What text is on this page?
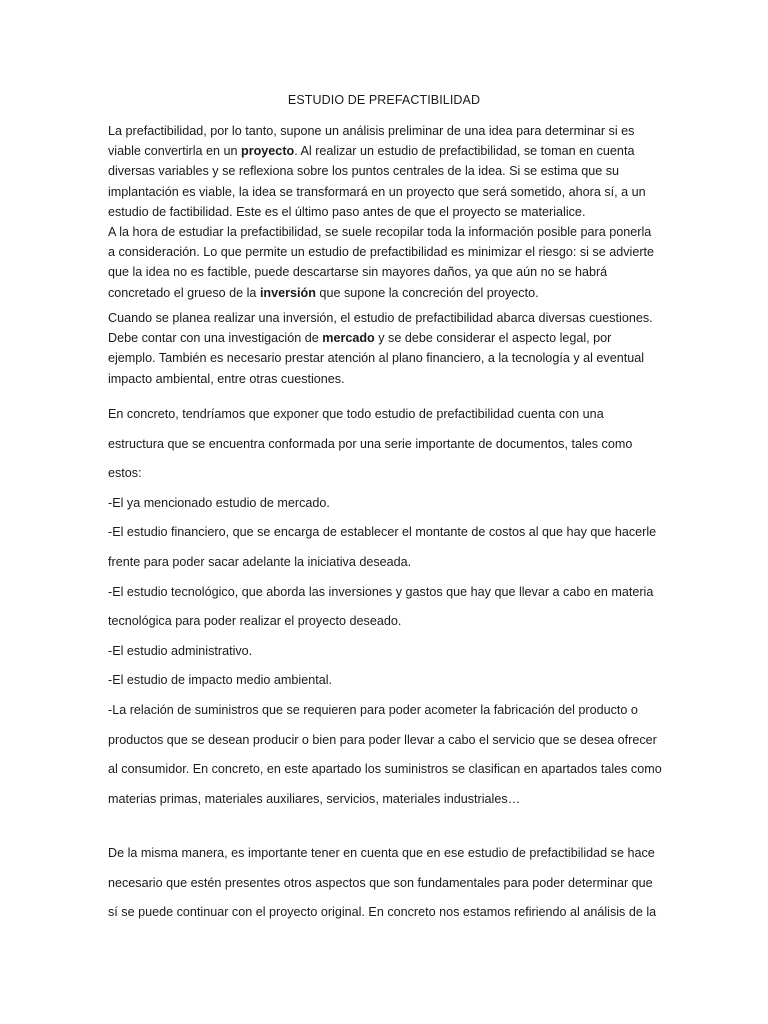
ESTUDIO DE PREFACTIBILIDAD

La prefactibilidad, por lo tanto, supone un análisis preliminar de una idea para determinar si es viable convertirla en un proyecto. Al realizar un estudio de prefactibilidad, se toman en cuenta diversas variables y se reflexiona sobre los puntos centrales de la idea. Si se estima que su implantación es viable, la idea se transformará en un proyecto que será sometido, ahora sí, a un estudio de factibilidad. Este es el último paso antes de que el proyecto se materialice.

A la hora de estudiar la prefactibilidad, se suele recopilar toda la información posible para ponerla a consideración. Lo que permite un estudio de prefactibilidad es minimizar el riesgo: si se advierte que la idea no es factible, puede descartarse sin mayores daños, ya que aún no se habrá concretado el grueso de la inversión que supone la concreción del proyecto.

Cuando se planea realizar una inversión, el estudio de prefactibilidad abarca diversas cuestiones. Debe contar con una investigación de mercado y se debe considerar el aspecto legal, por ejemplo. También es necesario prestar atención al plano financiero, a la tecnología y al eventual impacto ambiental, entre otras cuestiones.

En concreto, tendríamos que exponer que todo estudio de prefactibilidad cuenta con una
estructura que se encuentra conformada por una serie importante de documentos, tales como
estos:
-El ya mencionado estudio de mercado.
-El estudio financiero, que se encarga de establecer el montante de costos al que hay que hacerle
frente para poder sacar adelante la iniciativa deseada.
-El estudio tecnológico, que aborda las inversiones y gastos que hay que llevar a cabo en materia
tecnológica para poder realizar el proyecto deseado.
-El estudio administrativo.
-El estudio de impacto medio ambiental.
-La relación de suministros que se requieren para poder acometer la fabricación del producto o
productos que se desean producir o bien para poder llevar a cabo el servicio que se desea ofrecer
al consumidor. En concreto, en este apartado los suministros se clasifican en apartados tales como
materias primas, materiales auxiliares, servicios, materiales industriales…
De la misma manera, es importante tener en cuenta que en ese estudio de prefactibilidad se hace
necesario que estén presentes otros aspectos que son fundamentales para poder determinar que
sí se puede continuar con el proyecto original. En concreto nos estamos refiriendo al análisis de la
